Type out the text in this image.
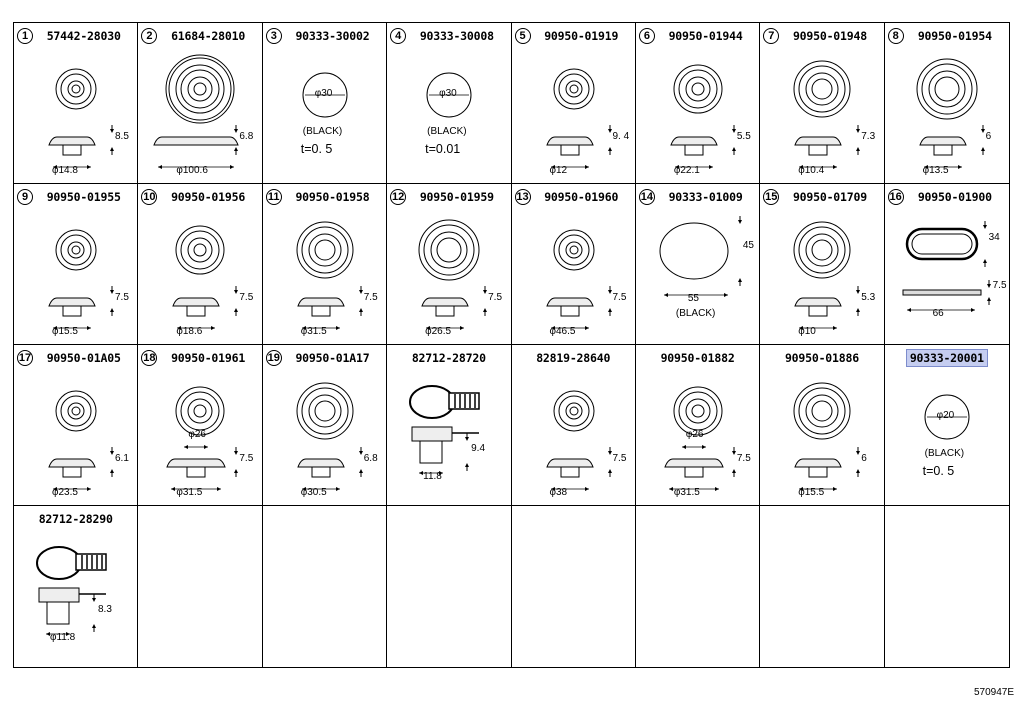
1	57442-28030
8.5
φ14.8
2	61684-28010
6.8
φ100.6
3	90333-30002
φ30
(BLACK)
t=0. 5
4	90333-30008
φ30
(BLACK)
t=0.01
5	90950-01919
9. 4
φ12
6	90950-01944
5.5
φ22.1
7	90950-01948
7.3
φ10.4
8	90950-01954
6
φ13.5
9	90950-01955
7.5
φ15.5
10	90950-01956
7.5
φ18.6
11	90950-01958
7.5
φ31.5
12	90950-01959
7.5
φ26.5
13	90950-01960
7.5
φ46.5
14	90333-01009
45
55
(BLACK)
15	90950-01709
5.3
φ10
16	90950-01900
34
7.5
66
17	90950-01A05
6.1
φ23.5
18	90950-01961
φ26
7.5
φ31.5
19	90950-01A17
6.8
φ30.5
82712-28720
9.4
11.8
82819-28640
7.5
φ38
90950-01882
φ26
7.5
φ31.5
90950-01886
6
φ15.5
90333-20001
φ20
(BLACK)
t=0. 5
82712-28290
8.3
φ11.8
570947E
